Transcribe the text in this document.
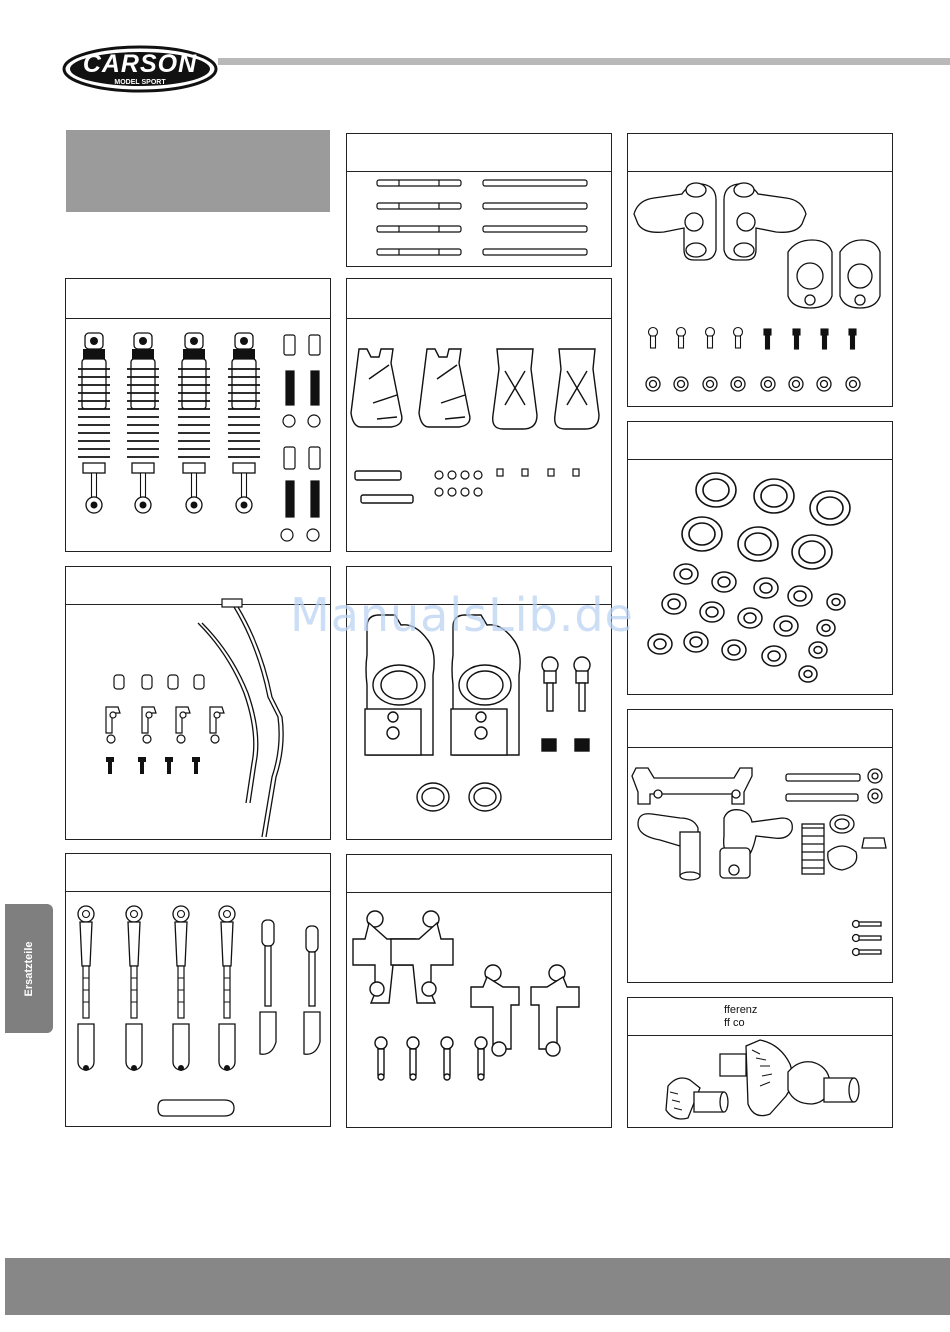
CARSON
MODEL SPORT
fferenz
ff co
Ersatzteile
ManualsLib.de
